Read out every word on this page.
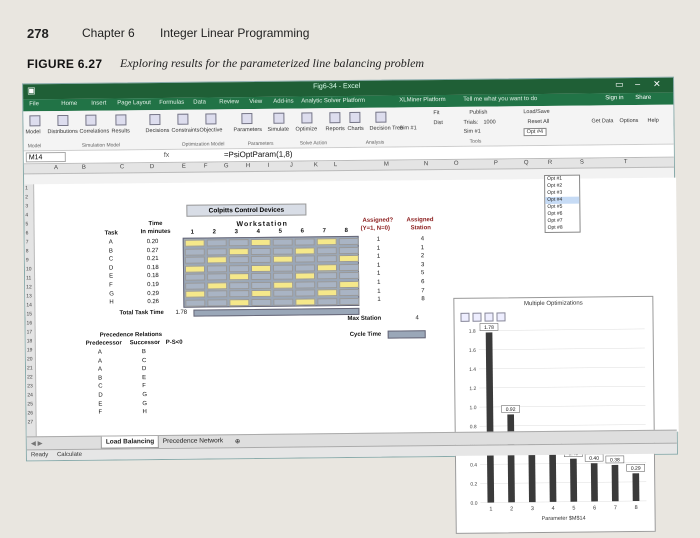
278	Chapter 6 Integer Linear Programming
FIGURE 6.27 Exploring results for the parameterized line balancing problem
▣	Fig6-34 - Excel	▭ – ✕
File	Home Insert Page Layout Formulas Data Review View Add-ins Analytic Solver Platform	XLMiner Platform	Tell me what you want to do	Sign in Share
Model Distributions Correlations Results	Decisions Constraints Objective Parameters Simulate Optimize Reports Charts Decision Tree
Sim #1
Fit
Dist
Publish
Trials: 1000
Sim #1
Load/Save
Reset All
Opt #4
Get Data Options Help
Model	Simulation Model	Optimization Model	Parameters	Solve Action	Analysis	Tools
M14	fx	=PsiOptParam(1,8)
A	B	C	D	E	F	G	H	I	J	K	L	M	N	O	P	Q	R	S	T
1
2
3
4
5
6
7
8
9
10
11
12
13
14
15
16
17
18
19
20
21
22
23
24
25
26
27
Colpitts Control Devices
Workstation
1	2	3	4	5	6	7	8
Task
Time
In minutes
Assigned?
(Y=1, N=0)
Assigned
Station
A	0.20	1	4
B	0.27	1	1
C	0.21	1	2
D	0.18	1	3
E	0.18	1	5
F	0.19	1	6
G	0.29	1	7
H	0.26	1	8
Total Task Time 1.78
Max Station	4
Cycle Time
Precedence Relations
Predecessor Successor P-S<0
A	B
A	C
A	D
B	E
C	F
D	G
E	G
F	H
Multiple Optimizations
0.0
0.2
0.4
0.8
1.0
1.2
1.4
1.6
1.8
1.78
1
0.92
2	3	4	5
0.40
6
0.38
7
0.29
8
Parameter $M$14
Opt #1
Opt #2
Opt #3
Opt #4
Opt #5
Opt #6
Opt #7
Opt #8
◀ ▶	Load Balancing	Precedence Network ⊕
Ready Calculate
